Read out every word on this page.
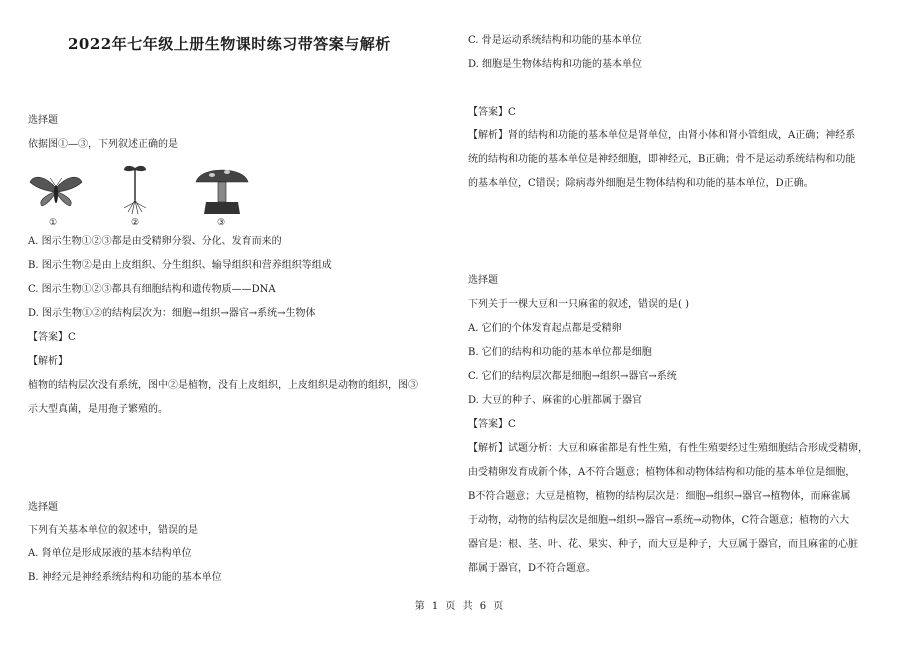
2022年七年级上册生物课时练习带答案与解析
选择题
依据图①—③，下列叙述正确的是
①	②	③
A. 图示生物①②③都是由受精卵分裂、分化、发育而来的
B. 图示生物②是由上皮组织、分生组织、输导组织和营养组织等组成
C. 图示生物①②③都具有细胞结构和遗传物质——DNA
D. 图示生物①②的结构层次为：细胞→组织→器官→系统→生物体
【答案】C
【解析】
植物的结构层次没有系统，图中②是植物，没有上皮组织，上皮组织是动物的组织，图③
示大型真菌，是用孢子繁殖的。
选择题
下列有关基本单位的叙述中，错误的是
A. 肾单位是形成尿液的基本结构单位
B. 神经元是神经系统结构和功能的基本单位
C. 骨是运动系统结构和功能的基本单位
D. 细胞是生物体结构和功能的基本单位
【答案】C
【解析】肾的结构和功能的基本单位是肾单位，由肾小体和肾小管组成，A正确；神经系
统的结构和功能的基本单位是神经细胞，即神经元，B正确；骨不是运动系统结构和功能
的基本单位，C错误；除病毒外细胞是生物体结构和功能的基本单位，D正确。
选择题
下列关于一棵大豆和一只麻雀的叙述，错误的是( )
A. 它们的个体发育起点都是受精卵
B. 它们的结构和功能的基本单位都是细胞
C. 它们的结构层次都是细胞→组织→器官→系统
D. 大豆的种子、麻雀的心脏都属于器官
【答案】C
【解析】试题分析：大豆和麻雀都是有性生殖，有性生殖要经过生殖细胞结合形成受精卵，
由受精卵发育成新个体，A不符合题意；植物体和动物体结构和功能的基本单位是细胞，
B不符合题意；大豆是植物，植物的结构层次是：细胞→组织→器官→植物体，而麻雀属
于动物，动物的结构层次是细胞→组织→器官→系统→动物体，C符合题意；植物的六大
器官是：根、茎、叶、花、果实、种子，而大豆是种子，大豆属于器官，而且麻雀的心脏
都属于器官，D不符合题意。
第 1 页 共 6 页
